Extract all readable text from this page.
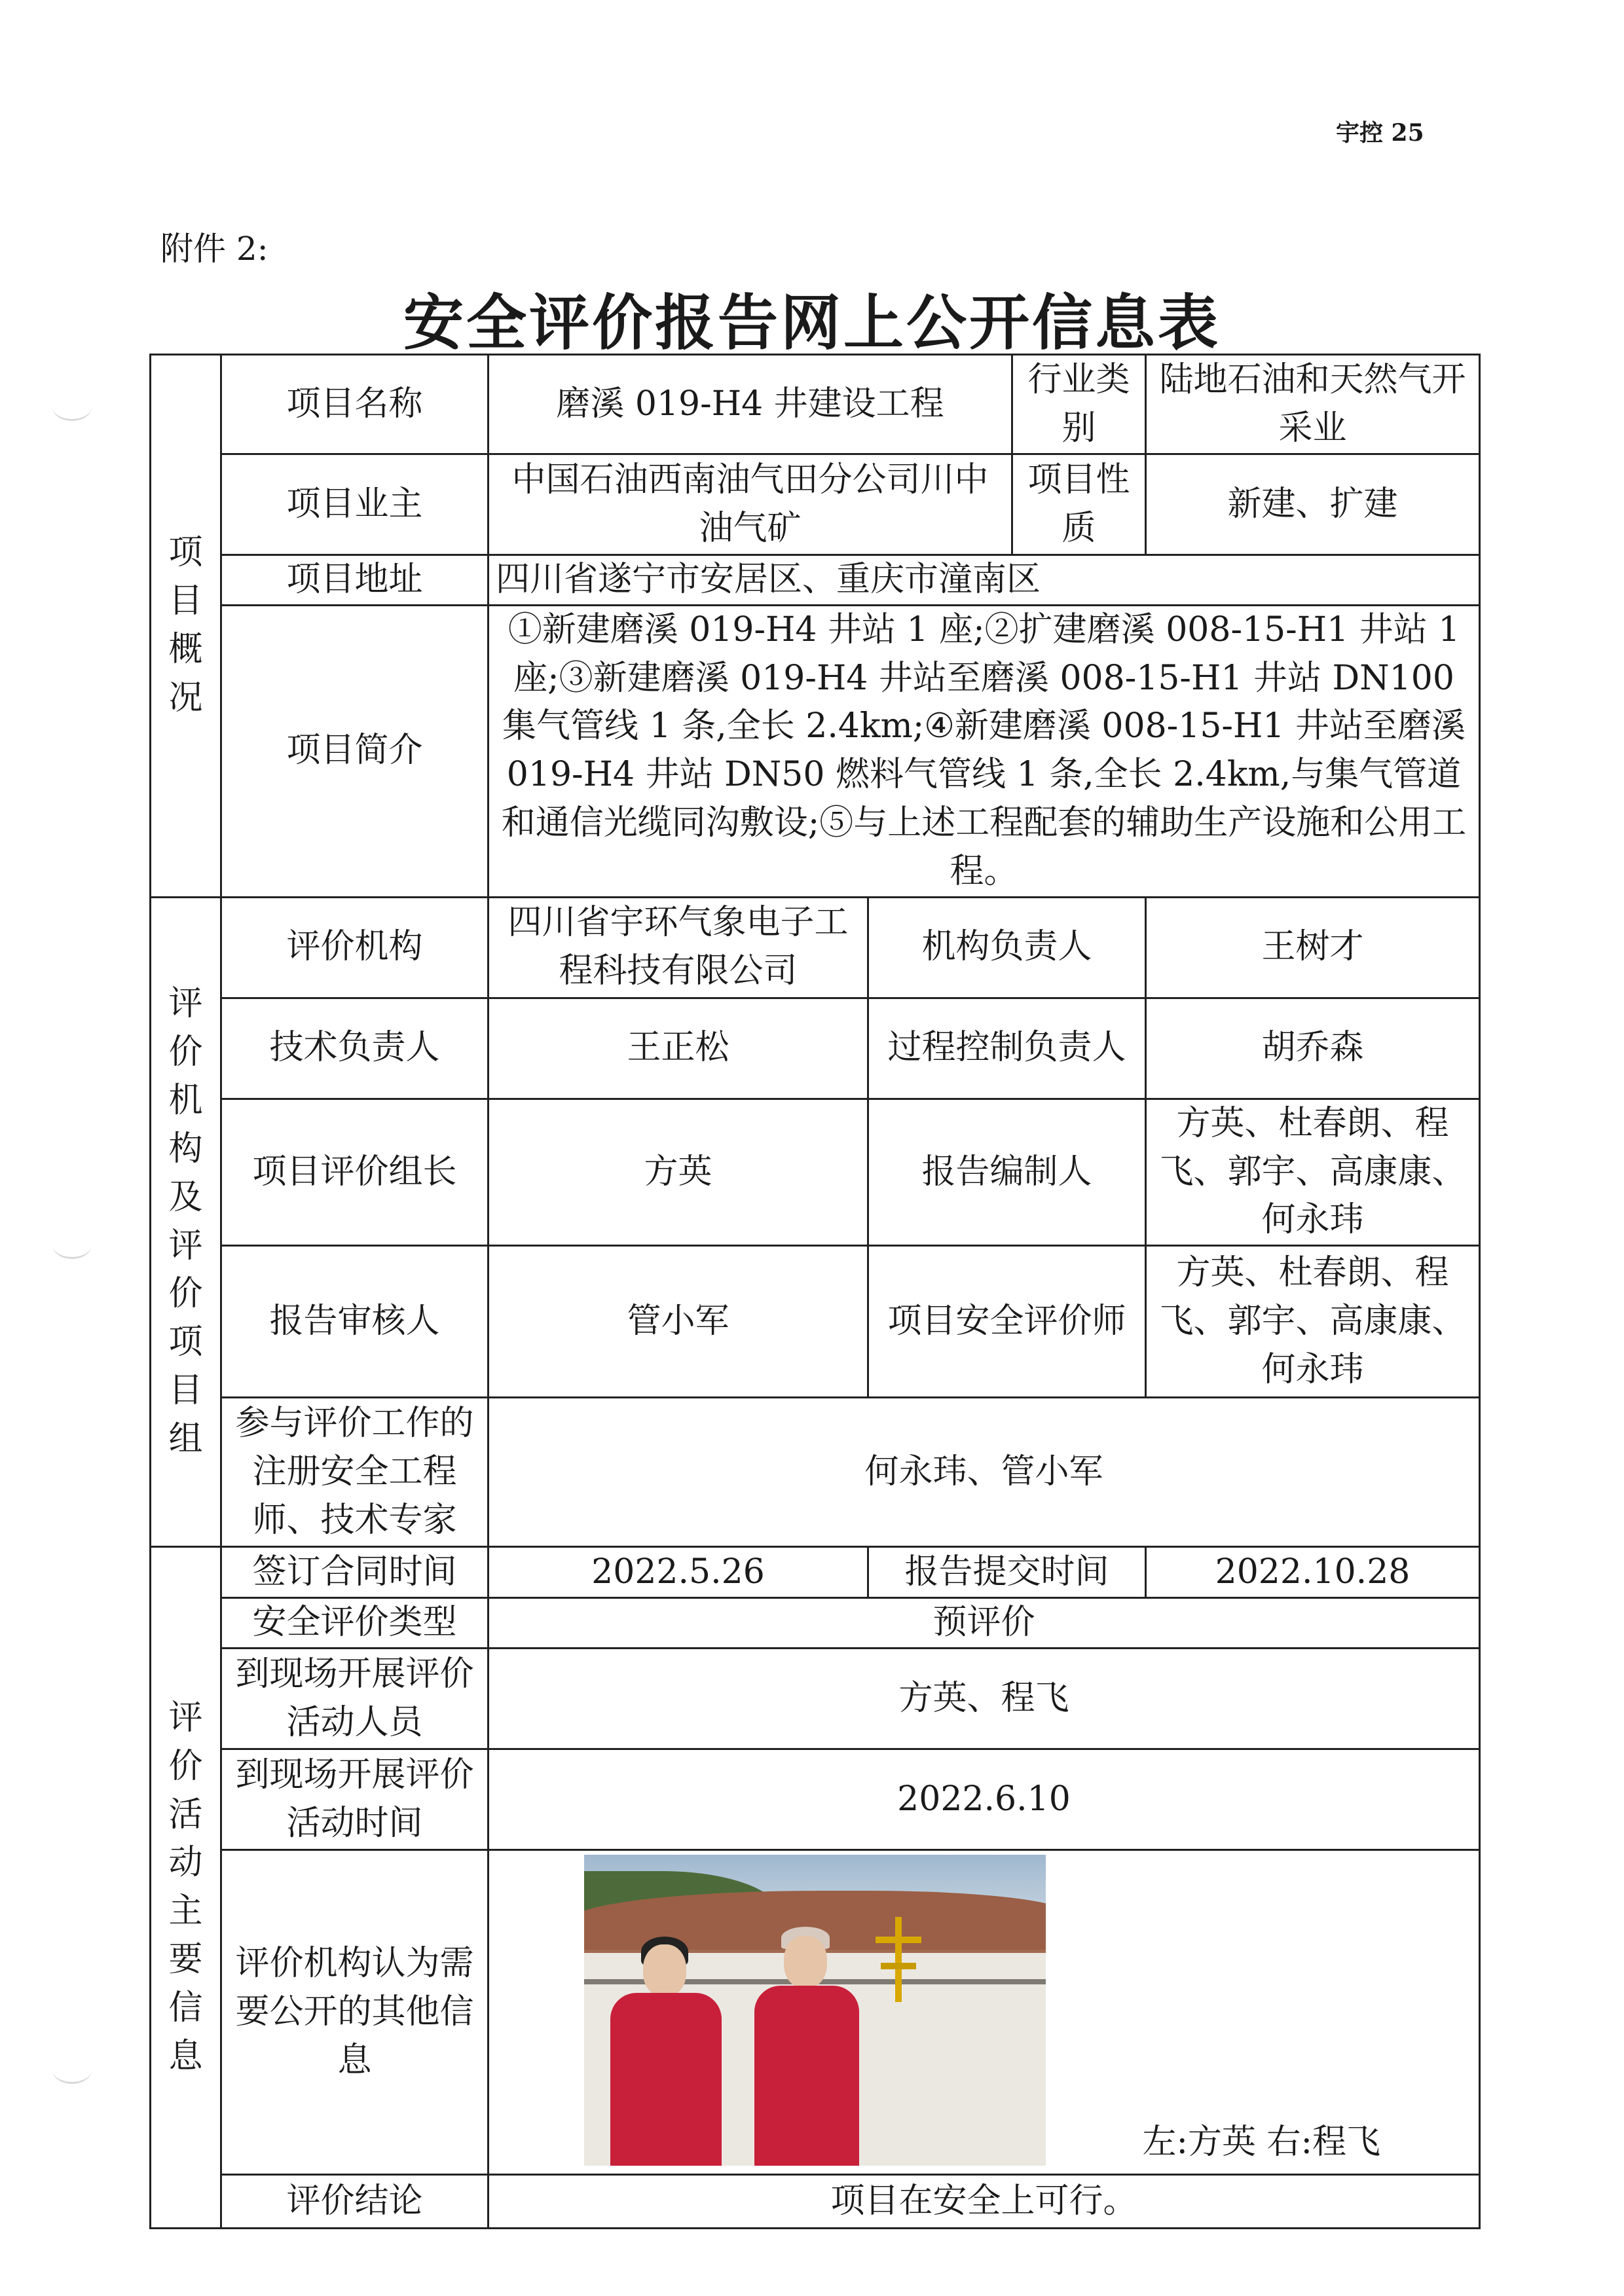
宇控 25
附件 2:
安全评价报告网上公开信息表
项目概况	项目名称	磨溪 019-H4 井建设工程		行业类别	陆地石油和天然气开采业
	项目业主	中国石油西南油气田分公司川中油气矿		项目性质	新建、扩建
	项目地址	四川省遂宁市安居区、重庆市潼南区			
	项目简介	①新建磨溪 019-H4 井站 1 座;②扩建磨溪 008-15-H1 井站 1 座;③新建磨溪 019-H4 井站至磨溪 008-15-H1 井站 DN100 集气管线 1 条,全长 2.4km;④新建磨溪 008-15-H1 井站至磨溪 019-H4 井站 DN50 燃料气管线 1 条,全长 2.4km,与集气管道和通信光缆同沟敷设;⑤与上述工程配套的辅助生产设施和公用工程。			
评价机构及评价项目组	评价机构	四川省宇环气象电子工程科技有限公司	机构负责人		王树才
	技术负责人	王正松	过程控制负责人		胡乔森
	项目评价组长	方英	报告编制人		方英、杜春朗、程飞、郭宇、高康康、何永玮
	报告审核人	管小军	项目安全评价师		方英、杜春朗、程飞、郭宇、高康康、何永玮
	参与评价工作的注册安全工程师、技术专家	何永玮、管小军			
评价活动主要信息	签订合同时间	2022.5.26	报告提交时间		2022.10.28
	安全评价类型	预评价			
	到现场开展评价活动人员	方英、程飞			
	到现场开展评价活动时间	2022.6.10			
	评价机构认为需要公开的其他信息	左:方英 右:程飞			

	评价结论	项目在安全上可行。			
